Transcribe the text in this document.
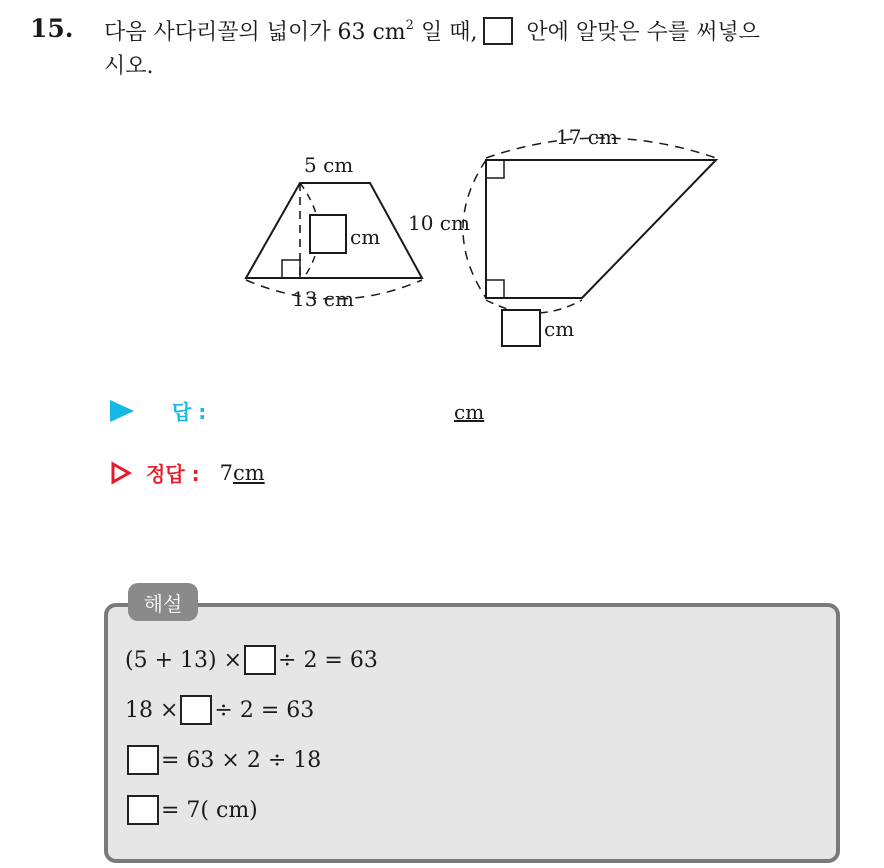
15. 다음 사다리꼴의 넓이가 63 $cm^2$ 일 때, 안에 알맞은 수를 써넣으
시오.
5 cm
cm
13 cm
17 cm
10 cm
cm
답 :	cm
정답 : 7 cm
해설
(5 + 13) × ÷ 2 = 63
18 × ÷ 2 = 63
= 63 × 2 ÷ 18
= 7( cm)
